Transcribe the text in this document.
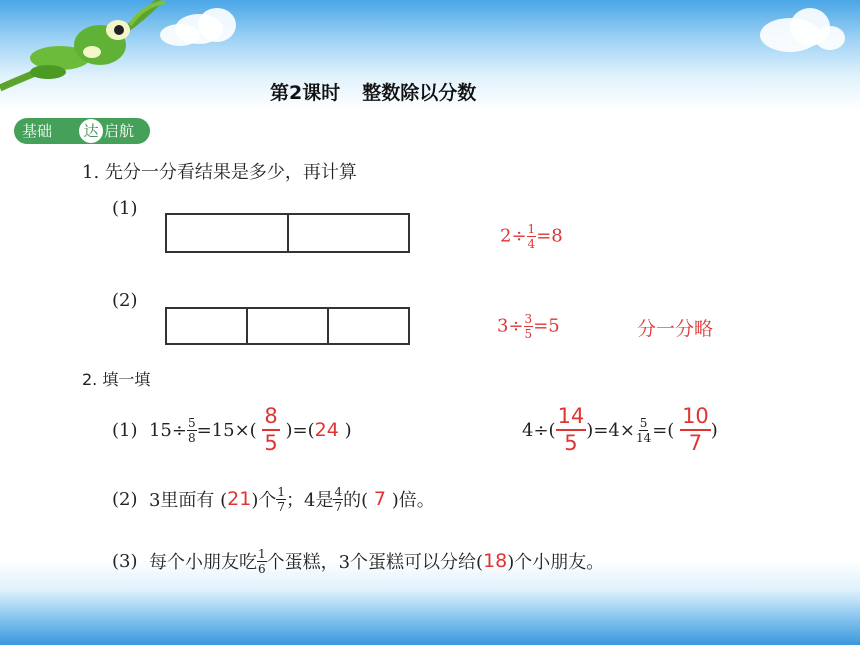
第2课时 整数除以分数
基础 达 启航
1. 先分一分看结果是多少，再计算
(1)
$2\div \frac{1}{4} =8$
(2)
$3\div \frac{3}{5} =5$	分一分略
2. 填一填
(1)
$15\div \frac{5}{8} =15\times$(
$\frac{8}{5}$
)=( 24
)	$4\div( \frac{14}{5} )=4\times \frac{5}{14}$ =(
$\frac{10}{7}$ )
(2)
3里面有 ( 21 )个 $\frac{1}{7}$ ；4是 $\frac{4}{7}$ 的(
7
)倍。
(3)
每个小朋友吃 $\frac{1}{6}$ 个蛋糕，3个蛋糕可以分给( 18 )个小朋友。
